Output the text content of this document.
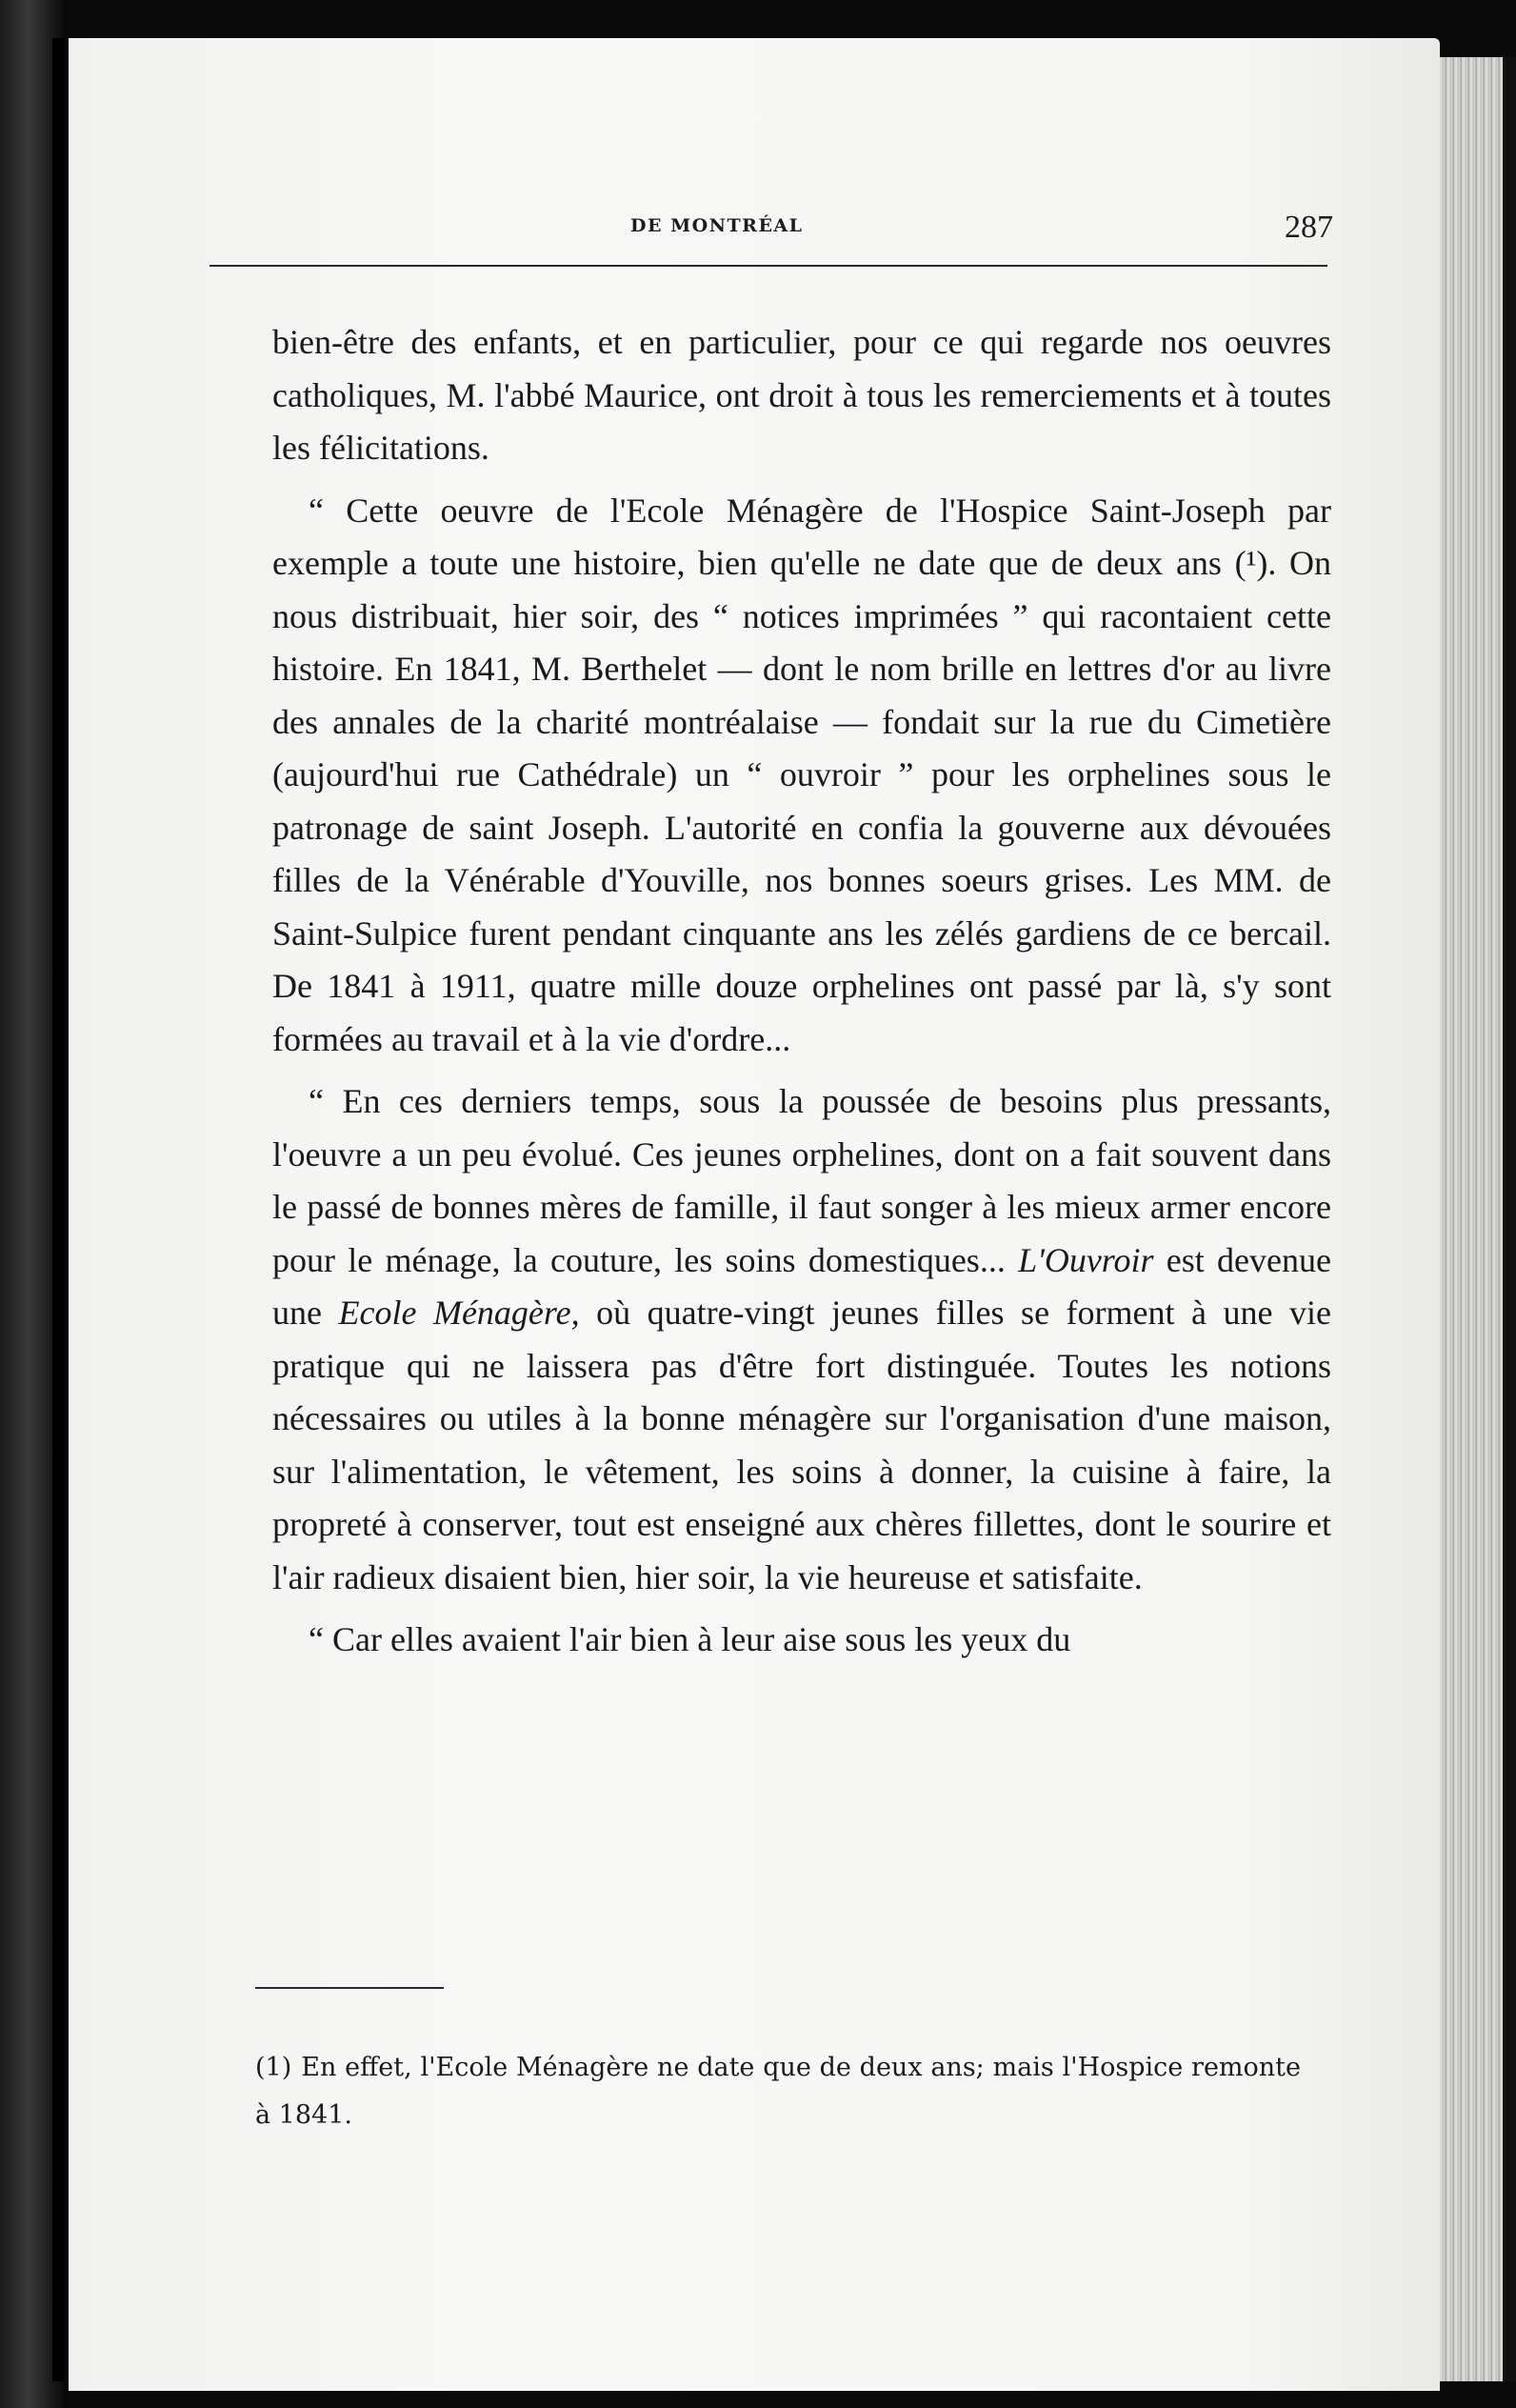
DE MONTRÉAL	287

bien-être des enfants, et en particulier, pour ce qui regarde nos oeuvres catholiques, M. l'abbé Maurice, ont droit à tous les remerciements et à toutes les félicitations.

“ Cette oeuvre de l'Ecole Ménagère de l'Hospice Saint-Joseph par exemple a toute une histoire, bien qu'elle ne date que de deux ans (¹). On nous distribuait, hier soir, des “ notices imprimées ” qui racontaient cette histoire. En 1841, M. Berthelet — dont le nom brille en lettres d'or au livre des annales de la charité montréalaise — fondait sur la rue du Cimetière (aujourd'hui rue Cathédrale) un “ ouvroir ” pour les orphelines sous le patronage de saint Joseph. L'autorité en confia la gouverne aux dévouées filles de la Vénérable d'Youville, nos bonnes soeurs grises. Les MM. de Saint-Sulpice furent pendant cinquante ans les zélés gardiens de ce bercail. De 1841 à 1911, quatre mille douze orphelines ont passé par là, s'y sont formées au travail et à la vie d'ordre...

“ En ces derniers temps, sous la poussée de besoins plus pressants, l'oeuvre a un peu évolué. Ces jeunes orphelines, dont on a fait souvent dans le passé de bonnes mères de famille, il faut songer à les mieux armer encore pour le ménage, la couture, les soins domestiques... L'Ouvroir est devenue une Ecole Ménagère, où quatre-vingt jeunes filles se forment à une vie pratique qui ne laissera pas d'être fort distinguée. Toutes les notions nécessaires ou utiles à la bonne ménagère sur l'organisation d'une maison, sur l'alimentation, le vêtement, les soins à donner, la cuisine à faire, la propreté à conserver, tout est enseigné aux chères fillettes, dont le sourire et l'air radieux disaient bien, hier soir, la vie heureuse et satisfaite.

“ Car elles avaient l'air bien à leur aise sous les yeux du

(1) En effet, l'Ecole Ménagère ne date que de deux ans; mais l'Hospice remonte à 1841.
